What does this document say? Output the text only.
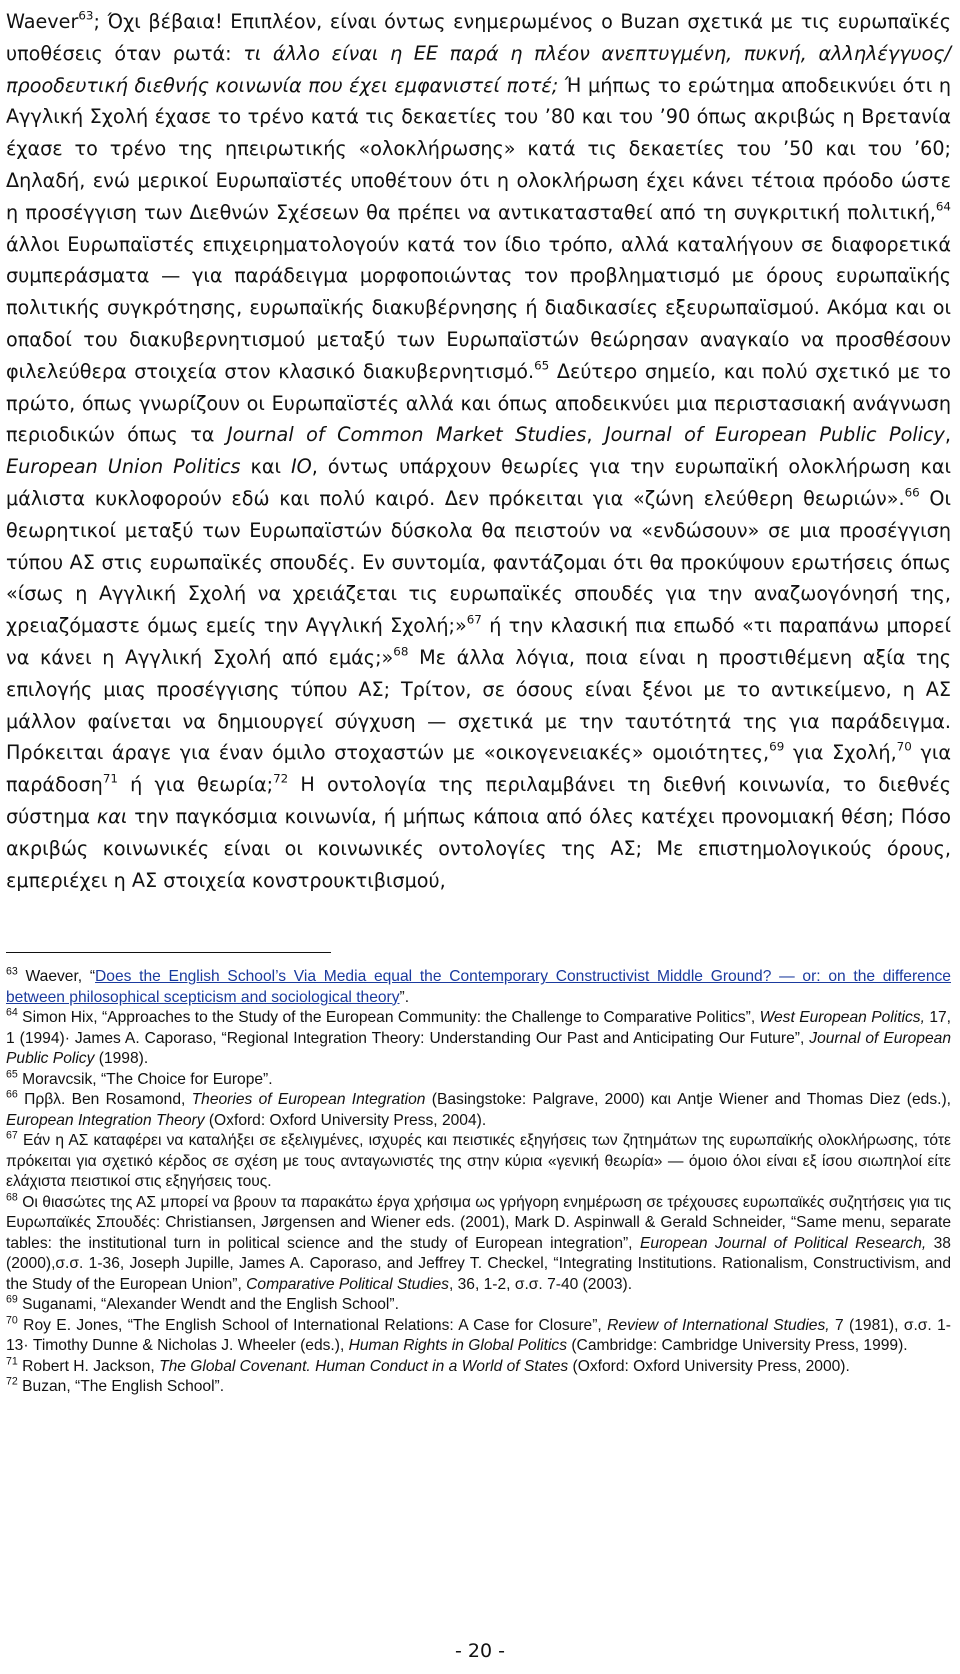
Waever$^{63}$; Όχι βέβαια! Επιπλέον, είναι όντως ενημερωμένος ο Buzan σχετικά με τις ευρωπαϊκές υποθέσεις όταν ρωτά: τι άλλο είναι η ΕΕ παρά η πλέον ανεπτυγμένη, πυκνή, αλληλέγγυος/προοδευτική διεθνής κοινωνία που έχει εμφανιστεί ποτέ; Ή μήπως το ερώτημα αποδεικνύει ότι η Αγγλική Σχολή έχασε το τρένο κατά τις δεκαετίες του ’80 και του ’90 όπως ακριβώς η Βρετανία έχασε το τρένο της ηπειρωτικής «ολοκλήρωσης» κατά τις δεκαετίες του ’50 και του ’60; Δηλαδή, ενώ μερικοί Ευρωπαϊστές υποθέτουν ότι η ολοκλήρωση έχει κάνει τέτοια πρόοδο ώστε η προσέγγιση των Διεθνών Σχέσεων θα πρέπει να αντικατασταθεί από τη συγκριτική πολιτική,$^{64}$ άλλοι Ευρωπαϊστές επιχειρηματολογούν κατά τον ίδιο τρόπο, αλλά καταλήγουν σε διαφορετικά συμπεράσματα — για παράδειγμα μορφοποιώντας τον προβληματισμό με όρους ευρωπαϊκής πολιτικής συγκρότησης, ευρωπαϊκής διακυβέρνησης ή διαδικασίες εξευρωπαϊσμού. Ακόμα και οι οπαδοί του διακυβερνητισμού μεταξύ των Ευρωπαϊστών θεώρησαν αναγκαίο να προσθέσουν φιλελεύθερα στοιχεία στον κλασικό διακυβερνητισμό.$^{65}$ Δεύτερο σημείο, και πολύ σχετικό με το πρώτο, όπως γνωρίζουν οι Ευρωπαϊστές αλλά και όπως αποδεικνύει μια περιστασιακή ανάγνωση περιοδικών όπως τα Journal of Common Market Studies, Journal of European Public Policy, European Union Politics και IO, όντως υπάρχουν θεωρίες για την ευρωπαϊκή ολοκλήρωση και μάλιστα κυκλοφορούν εδώ και πολύ καιρό. Δεν πρόκειται για «ζώνη ελεύθερη θεωριών».$^{66}$ Οι θεωρητικοί μεταξύ των Ευρωπαϊστών δύσκολα θα πειστούν να «ενδώσουν» σε μια προσέγγιση τύπου ΑΣ στις ευρωπαϊκές σπουδές. Εν συντομία, φαντάζομαι ότι θα προκύψουν ερωτήσεις όπως «ίσως η Αγγλική Σχολή να χρειάζεται τις ευρωπαϊκές σπουδές για την αναζωογόνησή της, χρειαζόμαστε όμως εμείς την Αγγλική Σχολή;»$^{67}$ ή την κλασική πια επωδό «τι παραπάνω μπορεί να κάνει η Αγγλική Σχολή από εμάς;»$^{68}$ Με άλλα λόγια, ποια είναι η προστιθέμενη αξία της επιλογής μιας προσέγγισης τύπου ΑΣ; Τρίτον, σε όσους είναι ξένοι με το αντικείμενο, η ΑΣ μάλλον φαίνεται να δημιουργεί σύγχυση — σχετικά με την ταυτότητά της για παράδειγμα. Πρόκειται άραγε για έναν όμιλο στοχαστών με «οικογενειακές» ομοιότητες,$^{69}$ για Σχολή,$^{70}$ για παράδοση$^{71}$ ή για θεωρία;$^{72}$ Η οντολογία της περιλαμβάνει τη διεθνή κοινωνία, το διεθνές σύστημα και την παγκόσμια κοινωνία, ή μήπως κάποια από όλες κατέχει προνομιακή θέση; Πόσο ακριβώς κοινωνικές είναι οι κοινωνικές οντολογίες της ΑΣ; Με επιστημολογικούς όρους, εμπεριέχει η ΑΣ στοιχεία κονστρουκτιβισμού,

$^{63}$ Waever, “Does the English School’s Via Media equal the Contemporary Constructivist Middle Ground? — or: on the difference between philosophical scepticism and sociological theory”.

$^{64}$ Simon Hix, “Approaches to the Study of the European Community: the Challenge to Comparative Politics”, West European Politics, 17, 1 (1994)· James A. Caporaso, “Regional Integration Theory: Understanding Our Past and Anticipating Our Future”, Journal of European Public Policy (1998).

$^{65}$ Moravcsik, “The Choice for Europe”.

$^{66}$ Πρβλ. Ben Rosamond, Theories of European Integration (Basingstoke: Palgrave, 2000) και Antje Wiener and Thomas Diez (eds.), European Integration Theory (Oxford: Oxford University Press, 2004).

$^{67}$ Εάν η ΑΣ καταφέρει να καταλήξει σε εξελιγμένες, ισχυρές και πειστικές εξηγήσεις των ζητημάτων της ευρωπαϊκής ολοκλήρωσης, τότε πρόκειται για σχετικό κέρδος σε σχέση με τους ανταγωνιστές της στην κύρια «γενική θεωρία» — όμοιο όλοι είναι εξ ίσου σιωπηλοί είτε ελάχιστα πειστικοί στις εξηγήσεις τους.

$^{68}$ Οι θιασώτες της ΑΣ μπορεί να βρουν τα παρακάτω έργα χρήσιμα ως γρήγορη ενημέρωση σε τρέχουσες ευρωπαϊκές συζητήσεις για τις Ευρωπαϊκές Σπουδές: Christiansen, Jørgensen and Wiener eds. (2001), Mark D. Aspinwall & Gerald Schneider, “Same menu, separate tables: the institutional turn in political science and the study of European integration”, European Journal of Political Research, 38 (2000),σ.σ. 1-36, Joseph Jupille, James A. Caporaso, and Jeffrey T. Checkel, “Integrating Institutions. Rationalism, Constructivism, and the Study of the European Union”, Comparative Political Studies, 36, 1-2, σ.σ. 7-40 (2003).

$^{69}$ Suganami, “Alexander Wendt and the English School”.

$^{70}$ Roy E. Jones, “The English School of International Relations: A Case for Closure”, Review of International Studies, 7 (1981), σ.σ. 1-13· Timothy Dunne & Nicholas J. Wheeler (eds.), Human Rights in Global Politics (Cambridge: Cambridge University Press, 1999).

$^{71}$ Robert H. Jackson, The Global Covenant. Human Conduct in a World of States (Oxford: Oxford University Press, 2000).

$^{72}$ Buzan, “The English School”.

- 20 -
